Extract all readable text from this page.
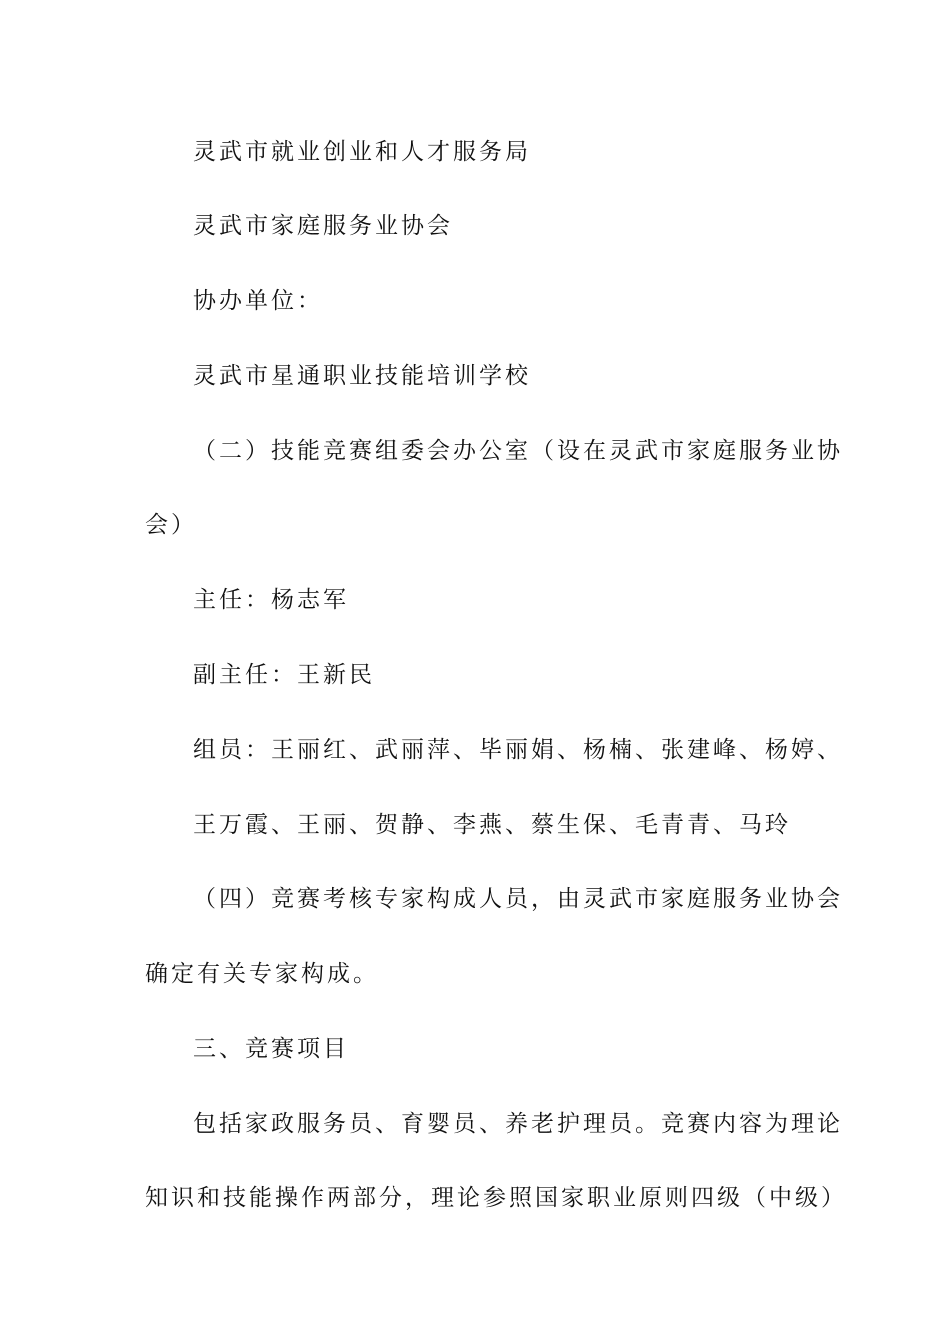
灵武市就业创业和人才服务局
灵武市家庭服务业协会
协办单位：
灵武市星通职业技能培训学校
（二）技能竞赛组委会办公室（设在灵武市家庭服务业协
会）
主任：杨志军
副主任：王新民
组员：王丽红、武丽萍、毕丽娟、杨楠、张建峰、杨婷、
王万霞、王丽、贺静、李燕、蔡生保、毛青青、马玲
（四）竞赛考核专家构成人员，由灵武市家庭服务业协会
确定有关专家构成。
三、竞赛项目
包括家政服务员、育婴员、养老护理员。竞赛内容为理论
知识和技能操作两部分，理论参照国家职业原则四级（中级）
